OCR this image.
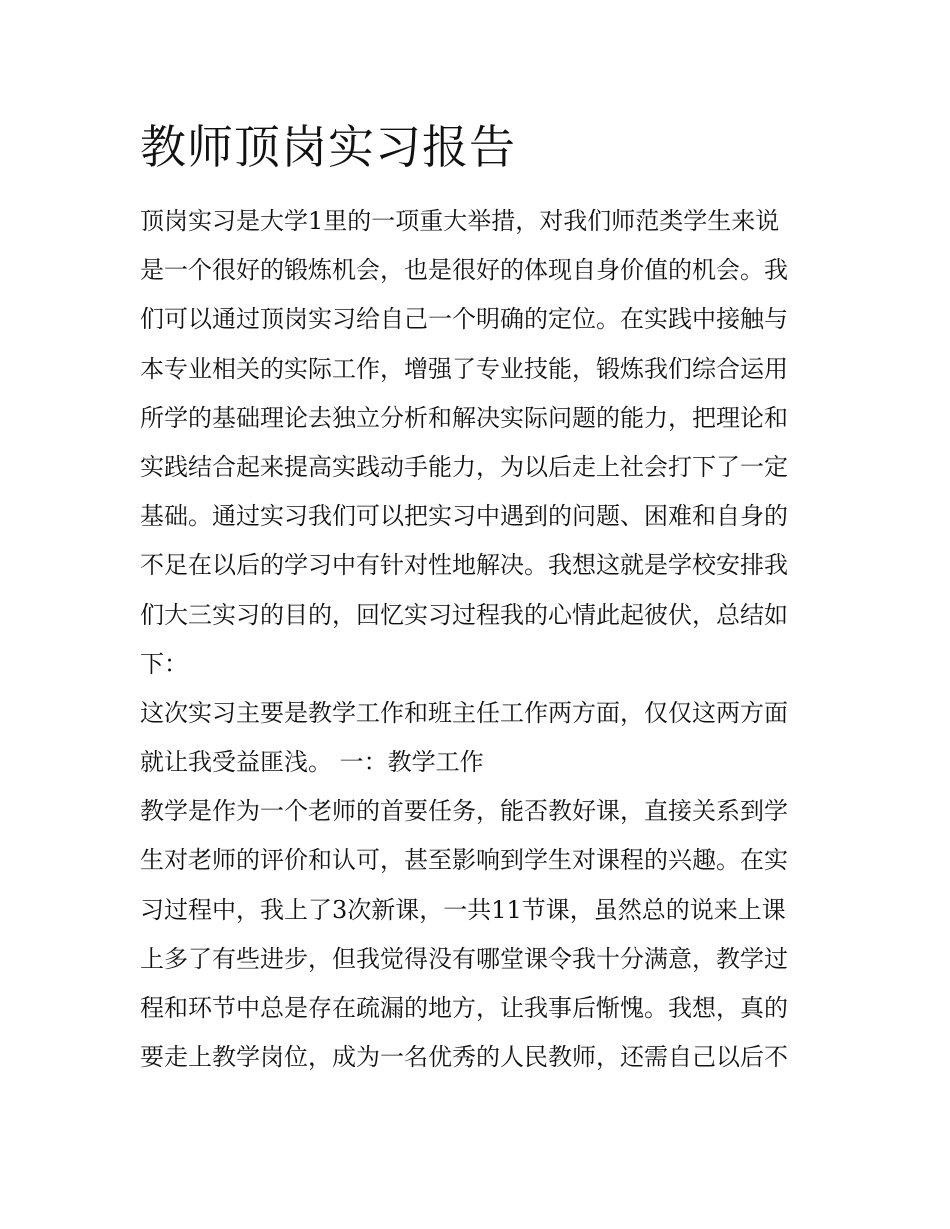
教师顶岗实习报告
顶岗实习是大学1里的一项重大举措，对我们师范类学生来说
是一个很好的锻炼机会，也是很好的体现自身价值的机会。我
们可以通过顶岗实习给自己一个明确的定位。在实践中接触与
本专业相关的实际工作，增强了专业技能，锻炼我们综合运用
所学的基础理论去独立分析和解决实际问题的能力，把理论和
实践结合起来提高实践动手能力，为以后走上社会打下了一定
基础。通过实习我们可以把实习中遇到的问题、困难和自身的
不足在以后的学习中有针对性地解决。我想这就是学校安排我
们大三实习的目的，回忆实习过程我的心情此起彼伏，总结如
下：
这次实习主要是教学工作和班主任工作两方面，仅仅这两方面
就让我受益匪浅。 一：教学工作
教学是作为一个老师的首要任务，能否教好课，直接关系到学
生对老师的评价和认可，甚至影响到学生对课程的兴趣。在实
习过程中，我上了3次新课，一共11节课，虽然总的说来上课
上多了有些进步，但我觉得没有哪堂课令我十分满意，教学过
程和环节中总是存在疏漏的地方，让我事后惭愧。我想，真的
要走上教学岗位，成为一名优秀的人民教师，还需自己以后不
